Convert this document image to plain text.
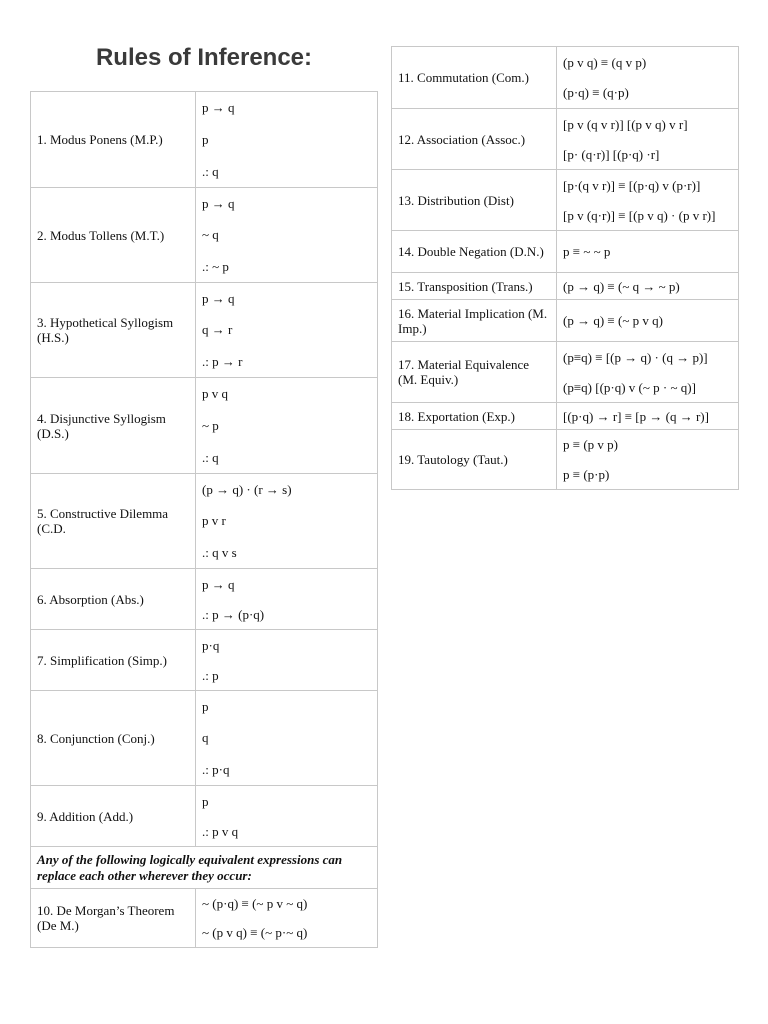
Rules of Inference:
1. Modus Ponens (M.P.)	p → q
p
.: q

2. Modus Tollens (M.T.)	p → q
~ q
.: ~ p

3. Hypothetical Syllogism (H.S.)	p → q
q → r
.: p → r

4. Disjunctive Syllogism (D.S.)	p v q
~ p
.: q

5. Constructive Dilemma (C.D.	(p → q) · (r → s)
p v r
.: q v s

6. Absorption (Abs.)	p → q
.: p → (p·q)

7. Simplification (Simp.)	p·q
.: p

8. Conjunction (Conj.)	p
q
.: p·q

9. Addition (Add.)	p
.: p v q

Any of the following logically equivalent expressions can replace each other wherever they occur:	
10. De Morgan’s Theorem (De M.)	~ (p·q) ≡ (~ p v ~ q)
~ (p v q) ≡ (~ p·~ q)
11. Commutation (Com.)	(p v q) ≡ (q v p)
(p·q) ≡ (q·p)

12. Association (Assoc.)	[p v (q v r)] [(p v q) v r]
[p· (q·r)] [(p·q) ·r]

13. Distribution (Dist)	[p·(q v r)] ≡ [(p·q) v (p·r)]
[p v (q·r)] ≡ [(p v q) · (p v r)]

14. Double Negation (D.N.)	p ≡ ~ ~ p

15. Transposition (Trans.)	(p → q) ≡ (~ q → ~ p)

16. Material Implication (M. Imp.)	(p → q) ≡ (~ p v q)

17. Material Equivalence (M. Equiv.)	(p≡q) ≡ [(p → q) · (q → p)]
(p≡q) [(p·q) v (~ p · ~ q)]

18. Exportation (Exp.)	[(p·q) → r] ≡ [p → (q → r)]

19. Tautology (Taut.)	p ≡ (p v p)
p ≡ (p·p)
